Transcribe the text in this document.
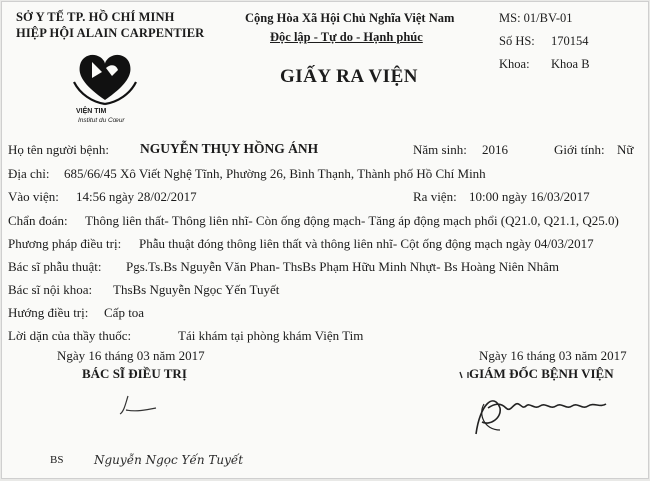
SỞ Y TẾ TP. HỒ CHÍ MINH
HIỆP HỘI ALAIN CARPENTIER
VIỆN TIM
Institut du Cœur
Cộng Hòa Xã Hội Chủ Nghĩa Việt Nam
Độc lập - Tự do - Hạnh phúc
GIẤY RA VIỆN
MS: 01/BV-01
Số HS: 170154
Khoa: Khoa B
Họ tên người bệnh: NGUYỄN THỤY HỒNG ÁNH	Năm sinh: 2016	Giới tính: Nữ
Địa chỉ: 685/66/45 Xô Viết Nghệ Tĩnh, Phường 26, Bình Thạnh, Thành phố Hồ Chí Minh
Vào viện: 14:56 ngày 28/02/2017	Ra viện: 10:00 ngày 16/03/2017
Chẩn đoán: Thông liên thất- Thông liên nhĩ- Còn ống động mạch- Tăng áp động mạch phổi (Q21.0, Q21.1, Q25.0)
Phương pháp điều trị: Phẫu thuật đóng thông liên thất và thông liên nhĩ- Cột ống động mạch ngày 04/03/2017
Bác sĩ phẫu thuật: Pgs.Ts.Bs Nguyễn Văn Phan- ThsBs Phạm Hữu Minh Nhựt- Bs Hoàng Niên Nhâm
Bác sĩ nội khoa: ThsBs Nguyễn Ngọc Yến Tuyết
Hướng điều trị: Cấp toa
Lời dặn của thầy thuốc:	Tái khám tại phòng khám Viện Tim
Ngày 16 tháng 03 năm 2017
BÁC SĨ ĐIỀU TRỊ
Ngày 16 tháng 03 năm 2017
GIÁM ĐỐC BỆNH VIỆN
BS	Nguyễn Ngọc Yến Tuyết
